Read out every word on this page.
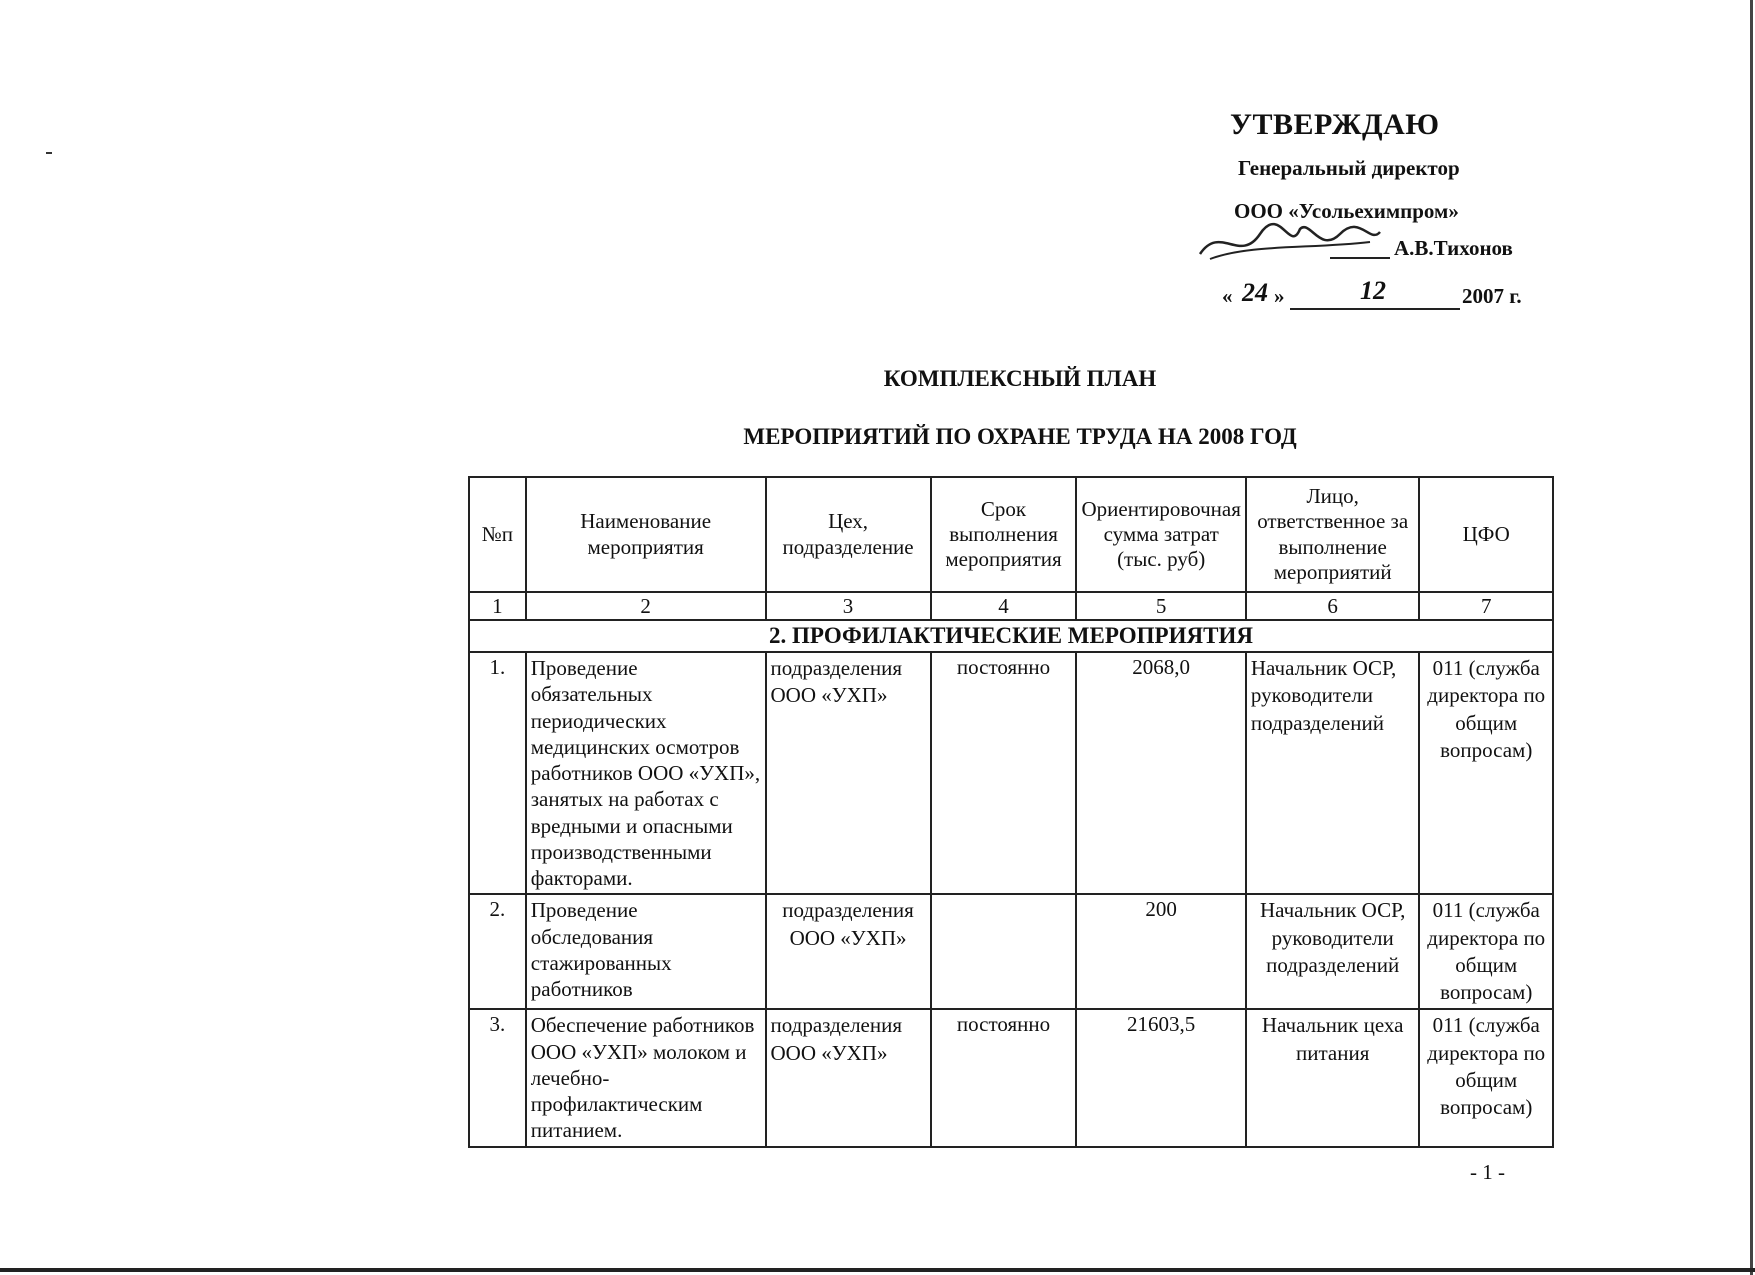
УТВЕРЖДАЮ
Генеральный директор
ООО «Усольехимпром»
А.В.Тихонов
« 24 »	12	2007 г.
КОМПЛЕКСНЫЙ ПЛАН
МЕРОПРИЯТИЙ ПО ОХРАНЕ ТРУДА НА 2008 ГОД
№п	Наименование мероприятия	Цех, подразделение	Срок выполнения мероприятия	Ориентировочная сумма затрат (тыс. руб)	Лицо, ответственное за выполнение мероприятий	ЦФО
1	2	3	4	5	6	7
2. ПРОФИЛАКТИЧЕСКИЕ МЕРОПРИЯТИЯ						
1.	Проведение обязательных периодических медицинских осмотров работников ООО «УХП», занятых на работах с вредными и опасными производственными факторами.	подразделения ООО «УХП»	постоянно	2068,0	Начальник ОСР, руководители подразделений	011 (служба директора по общим вопросам)
2.	Проведение обследования стажированных работников	подразделения ООО «УХП»		200	Начальник ОСР, руководители подразделений	011 (служба директора по общим вопросам)
3.	Обеспечение работников ООО «УХП» молоком и лечебно-профилактическим питанием.	подразделения ООО «УХП»	постоянно	21603,5	Начальник цеха питания	011 (служба директора по общим вопросам)
- 1 -
